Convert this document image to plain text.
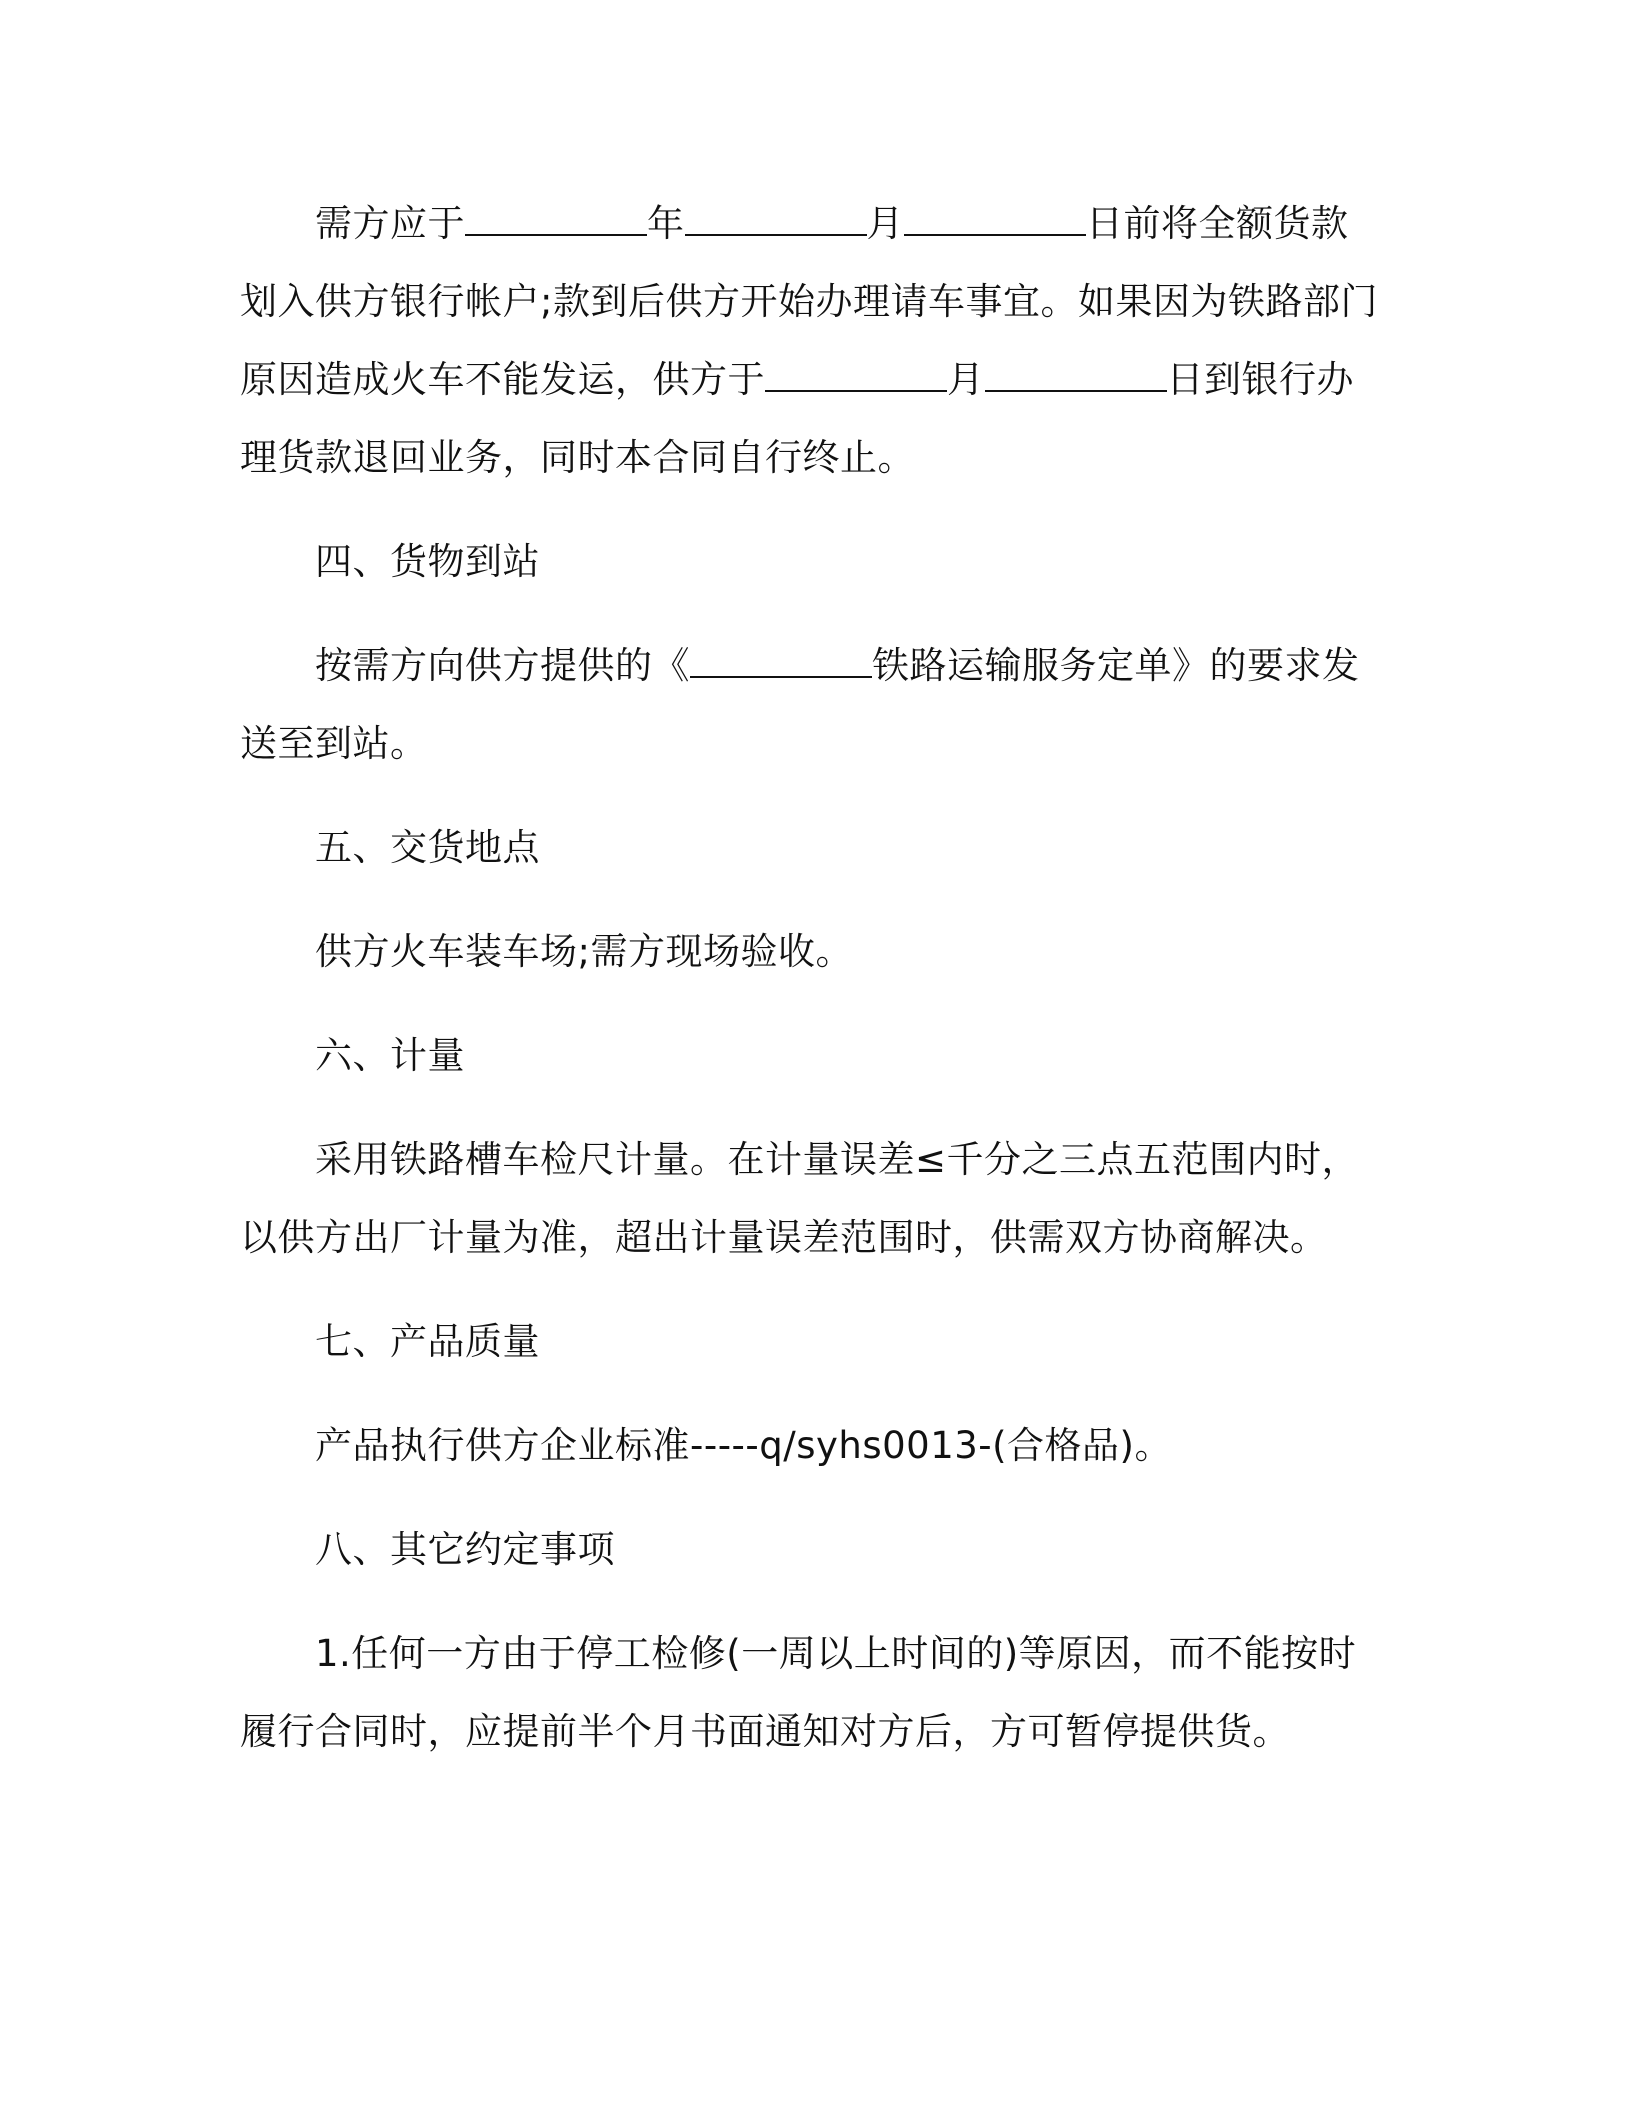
需方应于	年	月	日前将全额货款划入供方银行帐户;款到后供方开始办理请车事宜。如果因为铁路部门原因造成火车不能发运，供方于	月	日到银行办理货款退回业务，同时本合同自行终止。

四、货物到站

按需方向供方提供的《	铁路运输服务定单》的要求发送至到站。

五、交货地点

供方火车装车场;需方现场验收。

六、计量

采用铁路槽车检尺计量。在计量误差≤千分之三点五范围内时，以供方出厂计量为准，超出计量误差范围时，供需双方协商解决。

七、产品质量

产品执行供方企业标准-----q/syhs0013-(合格品)。

八、其它约定事项

1.任何一方由于停工检修(一周以上时间的)等原因，而不能按时履行合同时，应提前半个月书面通知对方后，方可暂停提供货。
